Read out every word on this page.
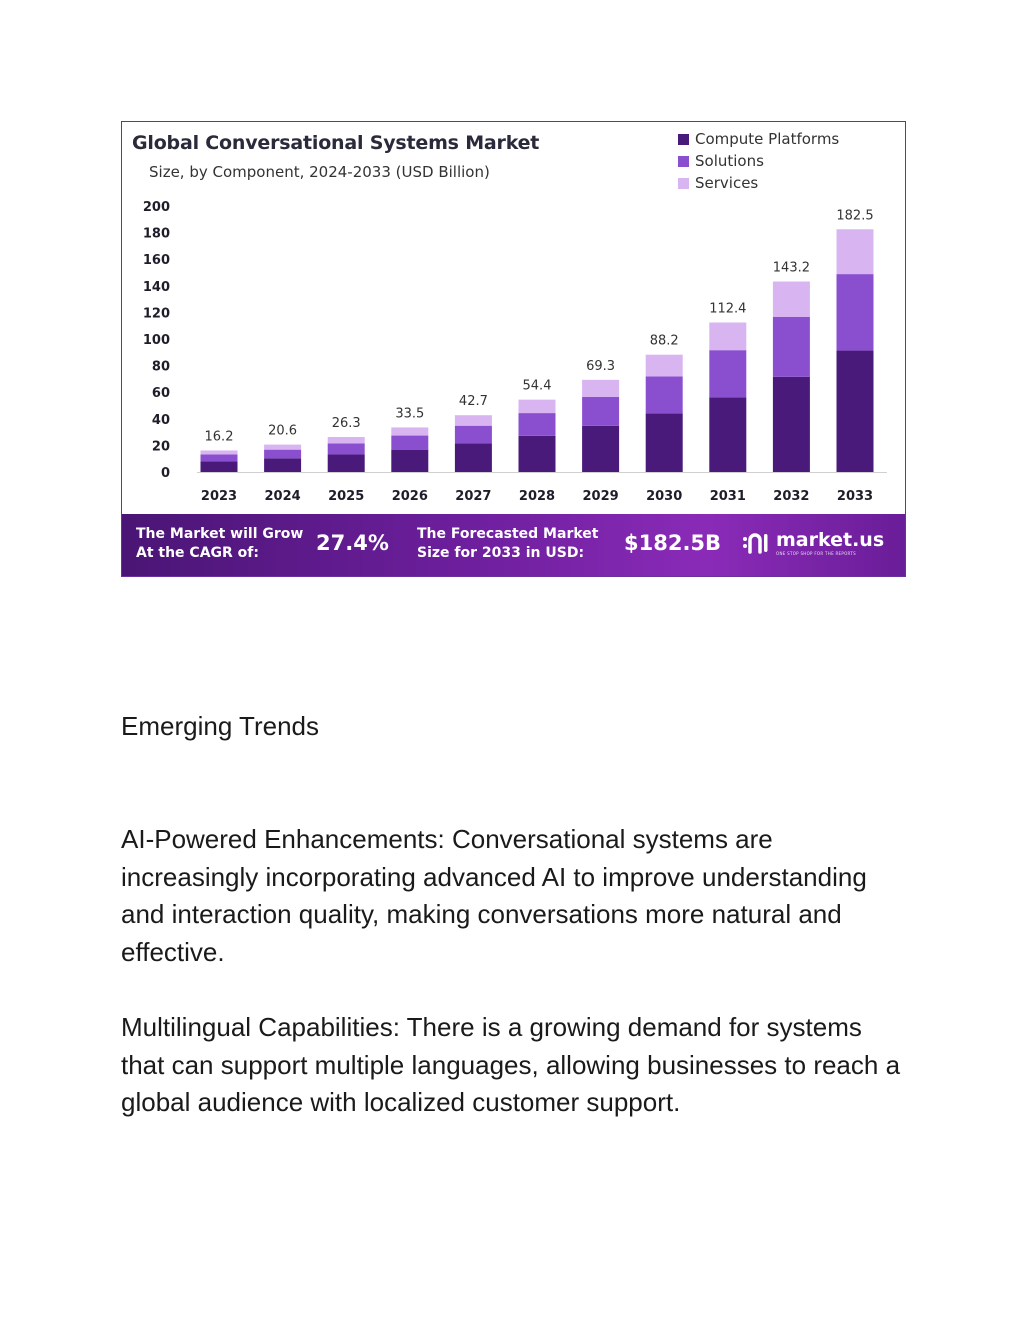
Global Conversational Systems Market
Size, by Component, 2024-2033 (USD Billion)
Compute Platforms
Solutions
Services
0
20
40
60
80
100
120
140
160
180
200
16.2
2023
20.6
2024
26.3
2025
33.5
2026
42.7
2027
54.4
2028
69.3
2029
88.2
2030
112.4
2031
143.2
2032
182.5
2033
The Market will Grow
At the CAGR of:	27.4% The Forecasted Market
Size for 2033 in USD:	$182.5B	market.us
ONE STOP SHOP FOR THE REPORTS
Emerging Trends
AI-Powered Enhancements: Conversational systems are increasingly incorporating advanced AI to improve understanding and interaction quality, making conversations more natural and effective.
Multilingual Capabilities: There is a growing demand for systems that can support multiple languages, allowing businesses to reach a global audience with localized customer support.
